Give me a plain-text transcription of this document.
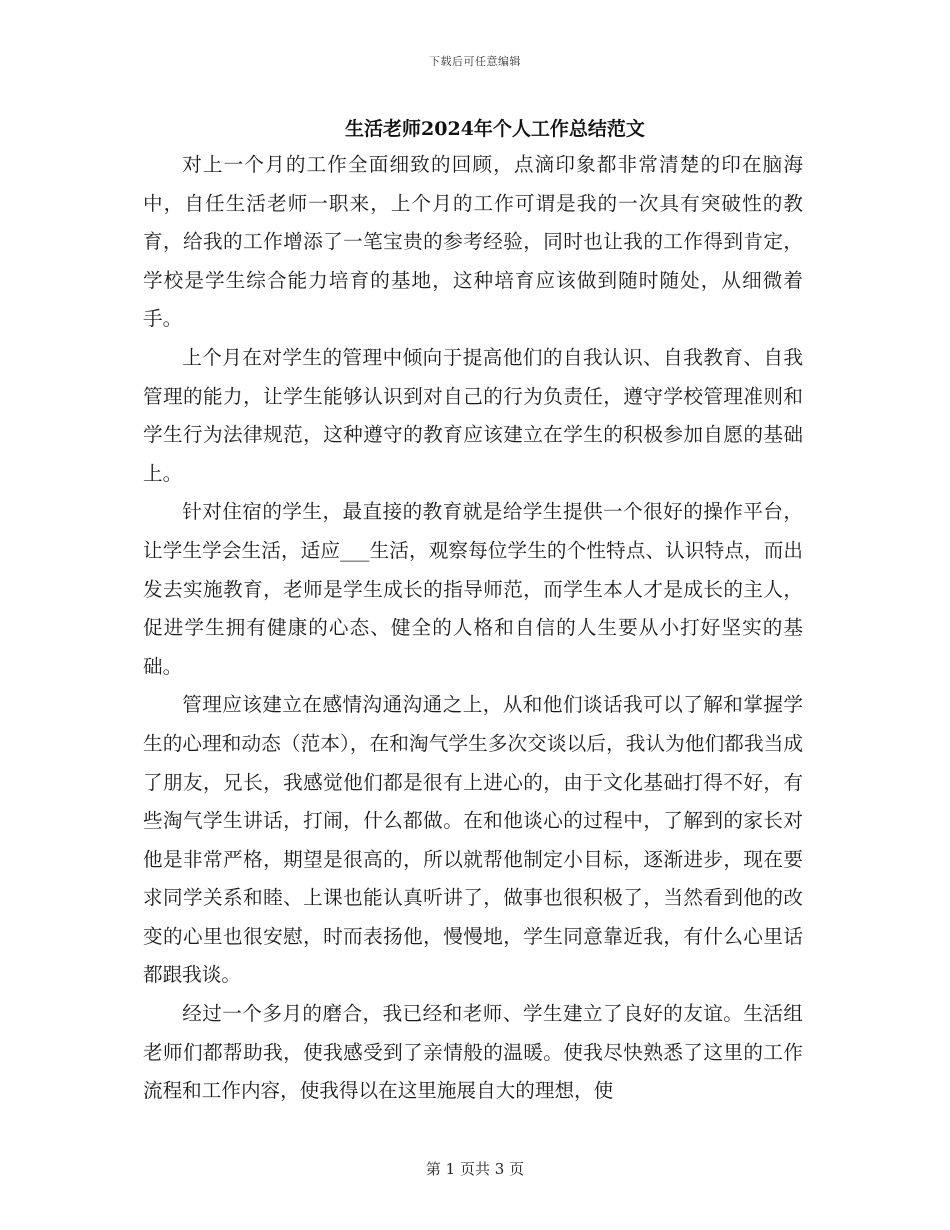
下载后可任意编辑
生活老师2024年个人工作总结范文

对上一个月的工作全面细致的回顾，点滴印象都非常清楚的印在脑海中，自任生活老师一职来，上个月的工作可谓是我的一次具有突破性的教育，给我的工作增添了一笔宝贵的参考经验，同时也让我的工作得到肯定，学校是学生综合能力培育的基地，这种培育应该做到随时随处，从细微着手。

上个月在对学生的管理中倾向于提高他们的自我认识、自我教育、自我管理的能力，让学生能够认识到对自己的行为负责任，遵守学校管理准则和学生行为法律规范，这种遵守的教育应该建立在学生的积极参加自愿的基础上。

针对住宿的学生，最直接的教育就是给学生提供一个很好的操作平台，让学生学会生活，适应___生活，观察每位学生的个性特点、认识特点，而出发去实施教育，老师是学生成长的指导师范，而学生本人才是成长的主人，促进学生拥有健康的心态、健全的人格和自信的人生要从小打好坚实的基础。

管理应该建立在感情沟通沟通之上，从和他们谈话我可以了解和掌握学生的心理和动态（范本），在和淘气学生多次交谈以后，我认为他们都我当成了朋友，兄长，我感觉他们都是很有上进心的，由于文化基础打得不好，有些淘气学生讲话，打闹，什么都做。在和他谈心的过程中，了解到的家长对他是非常严格，期望是很高的，所以就帮他制定小目标，逐渐进步，现在要求同学关系和睦、上课也能认真听讲了，做事也很积极了，当然看到他的改变的心里也很安慰，时而表扬他，慢慢地，学生同意靠近我，有什么心里话都跟我谈。

经过一个多月的磨合，我已经和老师、学生建立了良好的友谊。生活组老师们都帮助我，使我感受到了亲情般的温暖。使我尽快熟悉了这里的工作流程和工作内容，使我得以在这里施展自大的理想，使

第 1 页共 3 页
